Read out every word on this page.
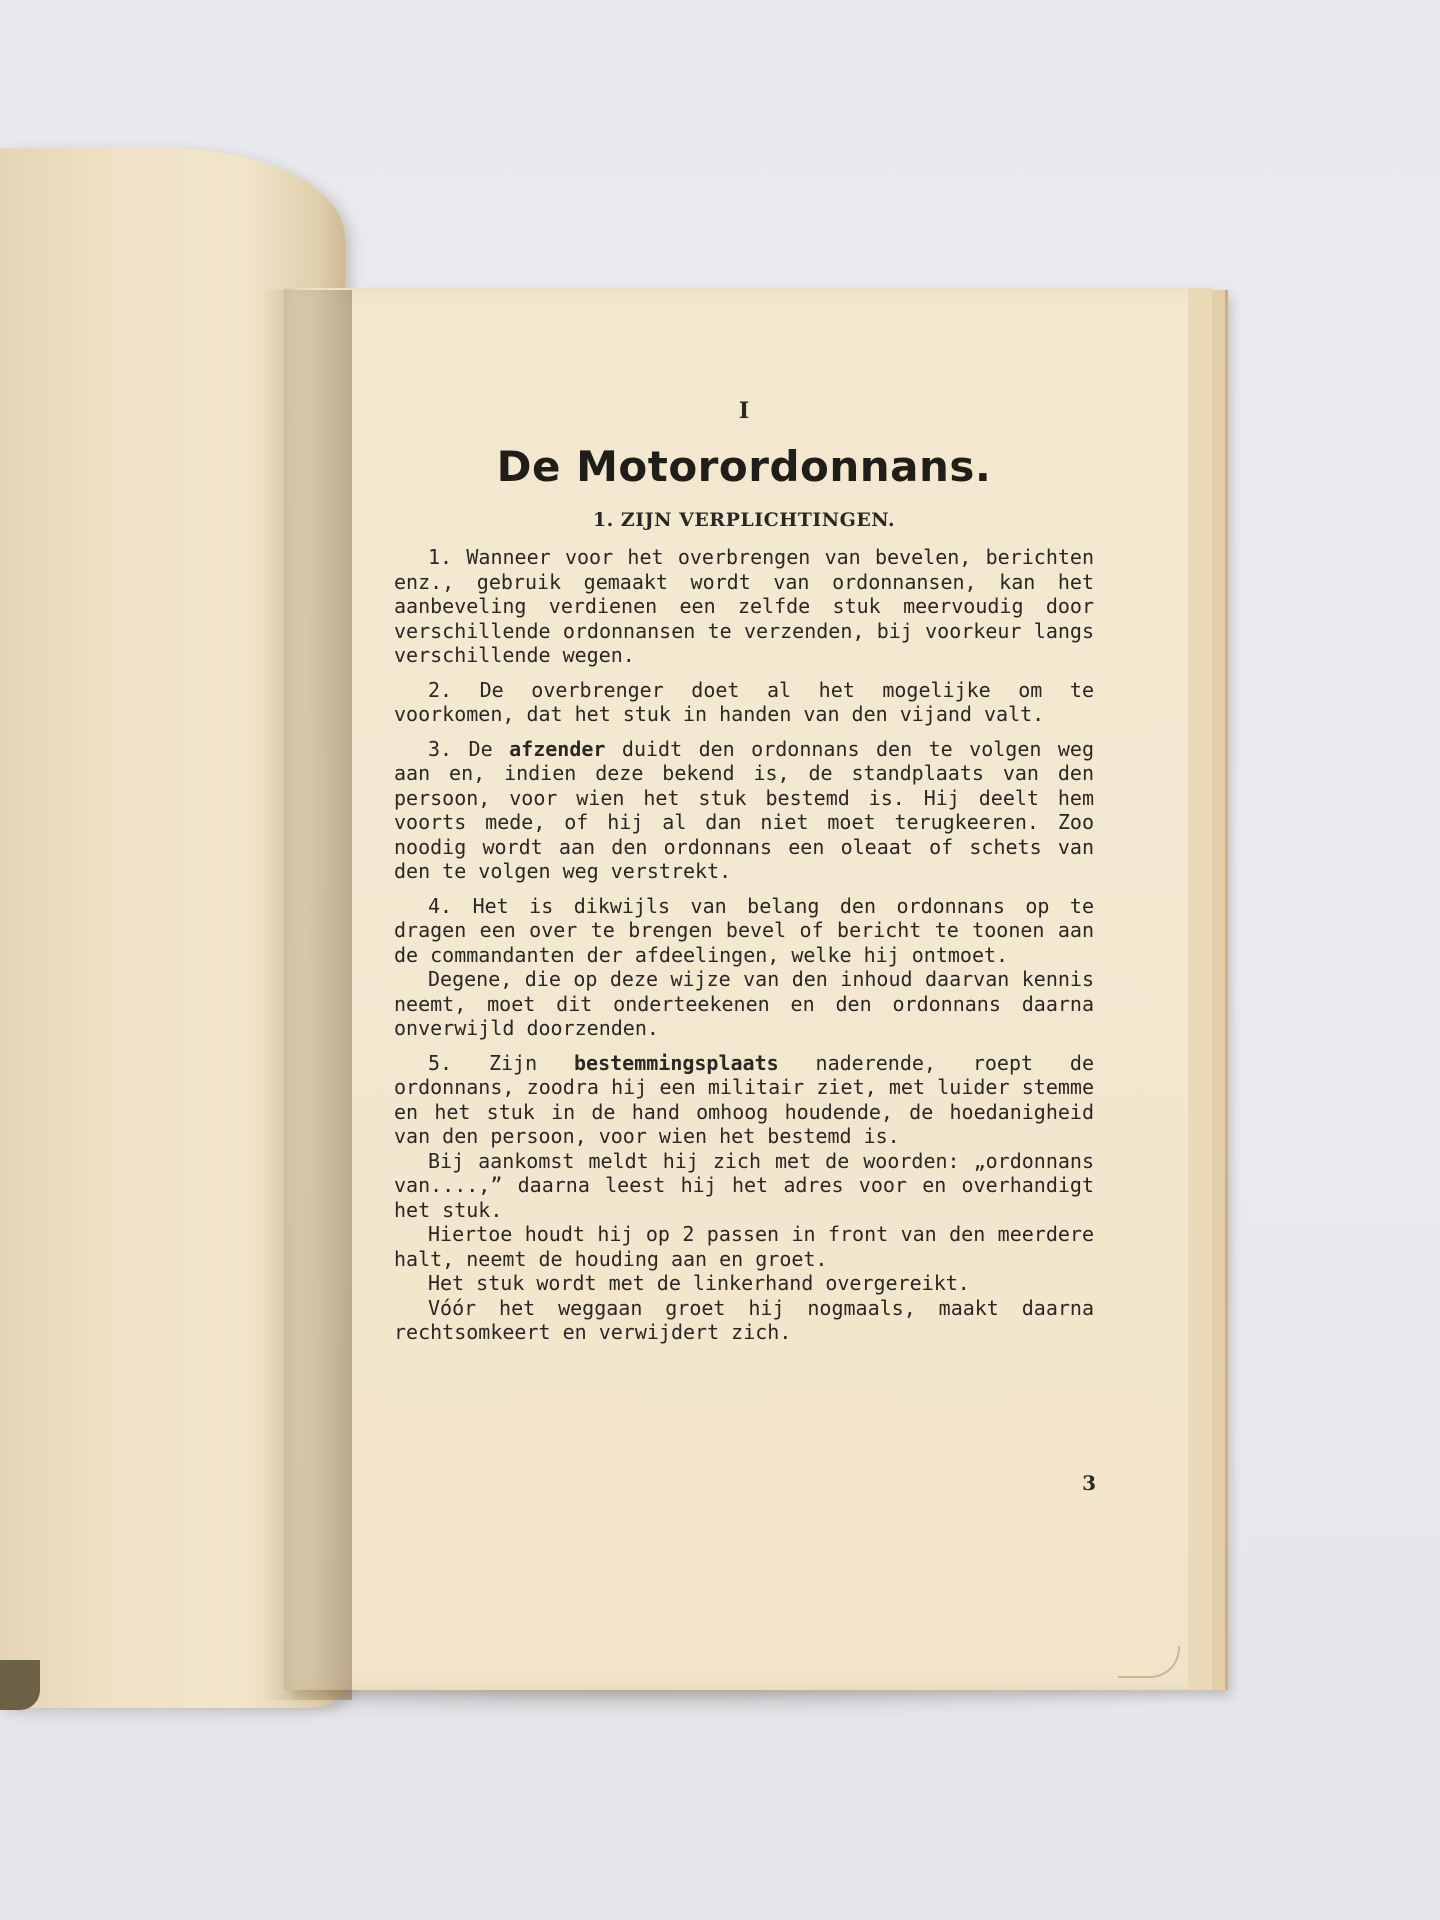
I
De Motorordonnans.
1. ZIJN VERPLICHTINGEN.

1. Wanneer voor het overbrengen van bevelen, berichten enz., gebruik gemaakt wordt van ordonnansen, kan het aanbeveling verdienen een zelfde stuk meervoudig door verschillende ordonnansen te verzenden, bij voorkeur langs verschillende wegen.

2. De overbrenger doet al het mogelijke om te voorkomen, dat het stuk in handen van den vijand valt.

3. De afzender duidt den ordonnans den te volgen weg aan en, indien deze bekend is, de standplaats van den persoon, voor wien het stuk bestemd is. Hij deelt hem voorts mede, of hij al dan niet moet terugkeeren. Zoo noodig wordt aan den ordonnans een oleaat of schets van den te volgen weg verstrekt.

4. Het is dikwijls van belang den ordonnans op te dragen een over te brengen bevel of bericht te toonen aan de commandanten der afdeelingen, welke hij ontmoet.

Degene, die op deze wijze van den inhoud daarvan kennis neemt, moet dit onderteekenen en den ordonnans daarna onverwijld doorzenden.

5. Zijn bestemmingsplaats naderende, roept de ordonnans, zoodra hij een militair ziet, met luider stemme en het stuk in de hand omhoog houdende, de hoedanigheid van den persoon, voor wien het bestemd is.

Bij aankomst meldt hij zich met de woorden: „ordonnans van....,” daarna leest hij het adres voor en overhandigt het stuk.

Hiertoe houdt hij op 2 passen in front van den meerdere halt, neemt de houding aan en groet.

Het stuk wordt met de linkerhand overgereikt.

Vóór het weggaan groet hij nogmaals, maakt daarna rechtsomkeert en verwijdert zich.

3
